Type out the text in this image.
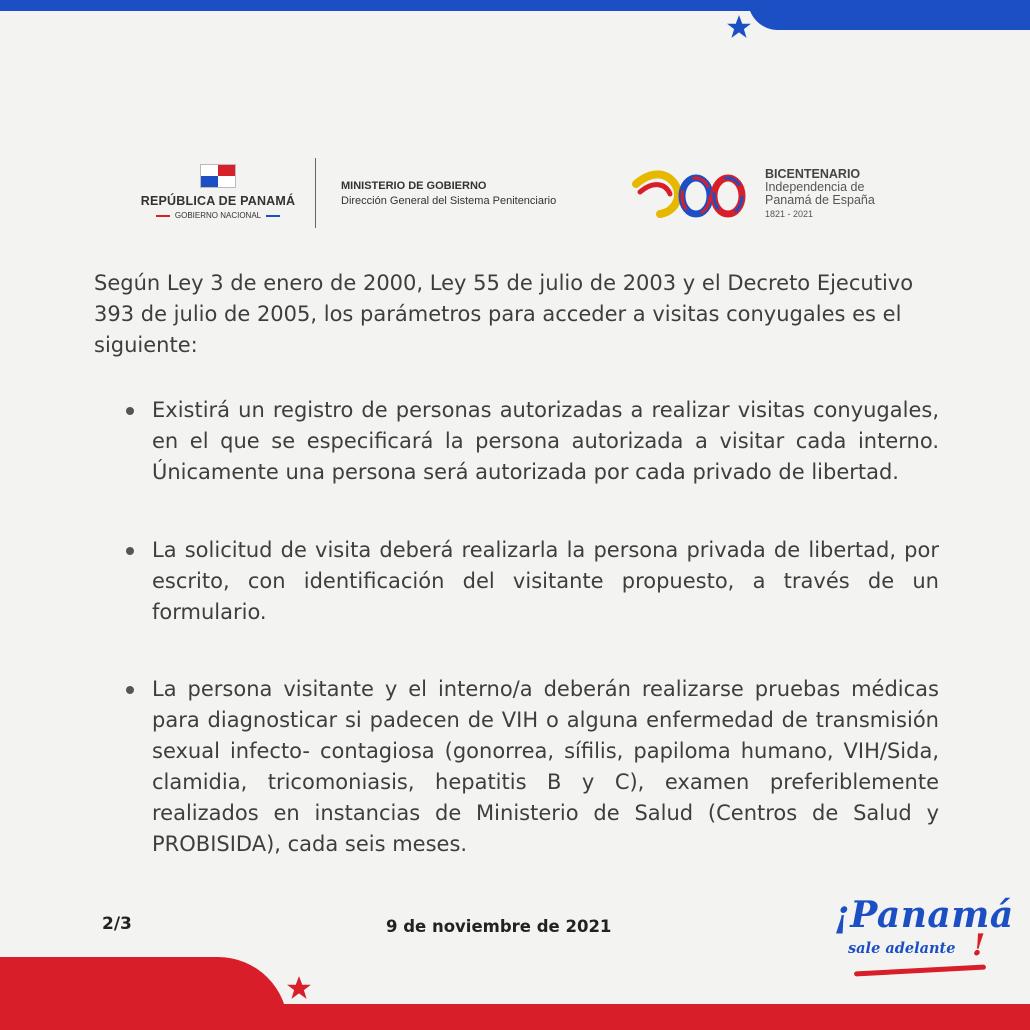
REPÚBLICA DE PANAMÁ
GOBIERNO NACIONAL
MINISTERIO DE GOBIERNO
Dirección General del Sistema Penitenciario
BICENTENARIO
Independencia de
Panamá de España
1821 - 2021
Según Ley 3 de enero de 2000, Ley 55 de julio de 2003 y el Decreto Ejecutivo 393 de julio de 2005, los parámetros para acceder a visitas conyugales es el siguiente:
Existirá un registro de personas autorizadas a realizar visitas conyugales, en el que se especificará la persona autorizada a visitar cada interno. Únicamente una persona será autorizada por cada privado de libertad.
La solicitud de visita deberá realizarla la persona privada de libertad, por escrito, con identificación del visitante propuesto, a través de un formulario.
La persona visitante y el interno/a deberán realizarse pruebas médicas para diagnosticar si padecen de VIH o alguna enfermedad de transmisión sexual infecto- contagiosa (gonorrea, sífilis, papiloma humano, VIH/Sida, clamidia, tricomoniasis, hepatitis B y C), examen preferiblemente realizados en instancias de Ministerio de Salud (Centros de Salud y PROBISIDA), cada seis meses.
2/3	9 de noviembre de 2021	¡Panamá
sale adelante !
